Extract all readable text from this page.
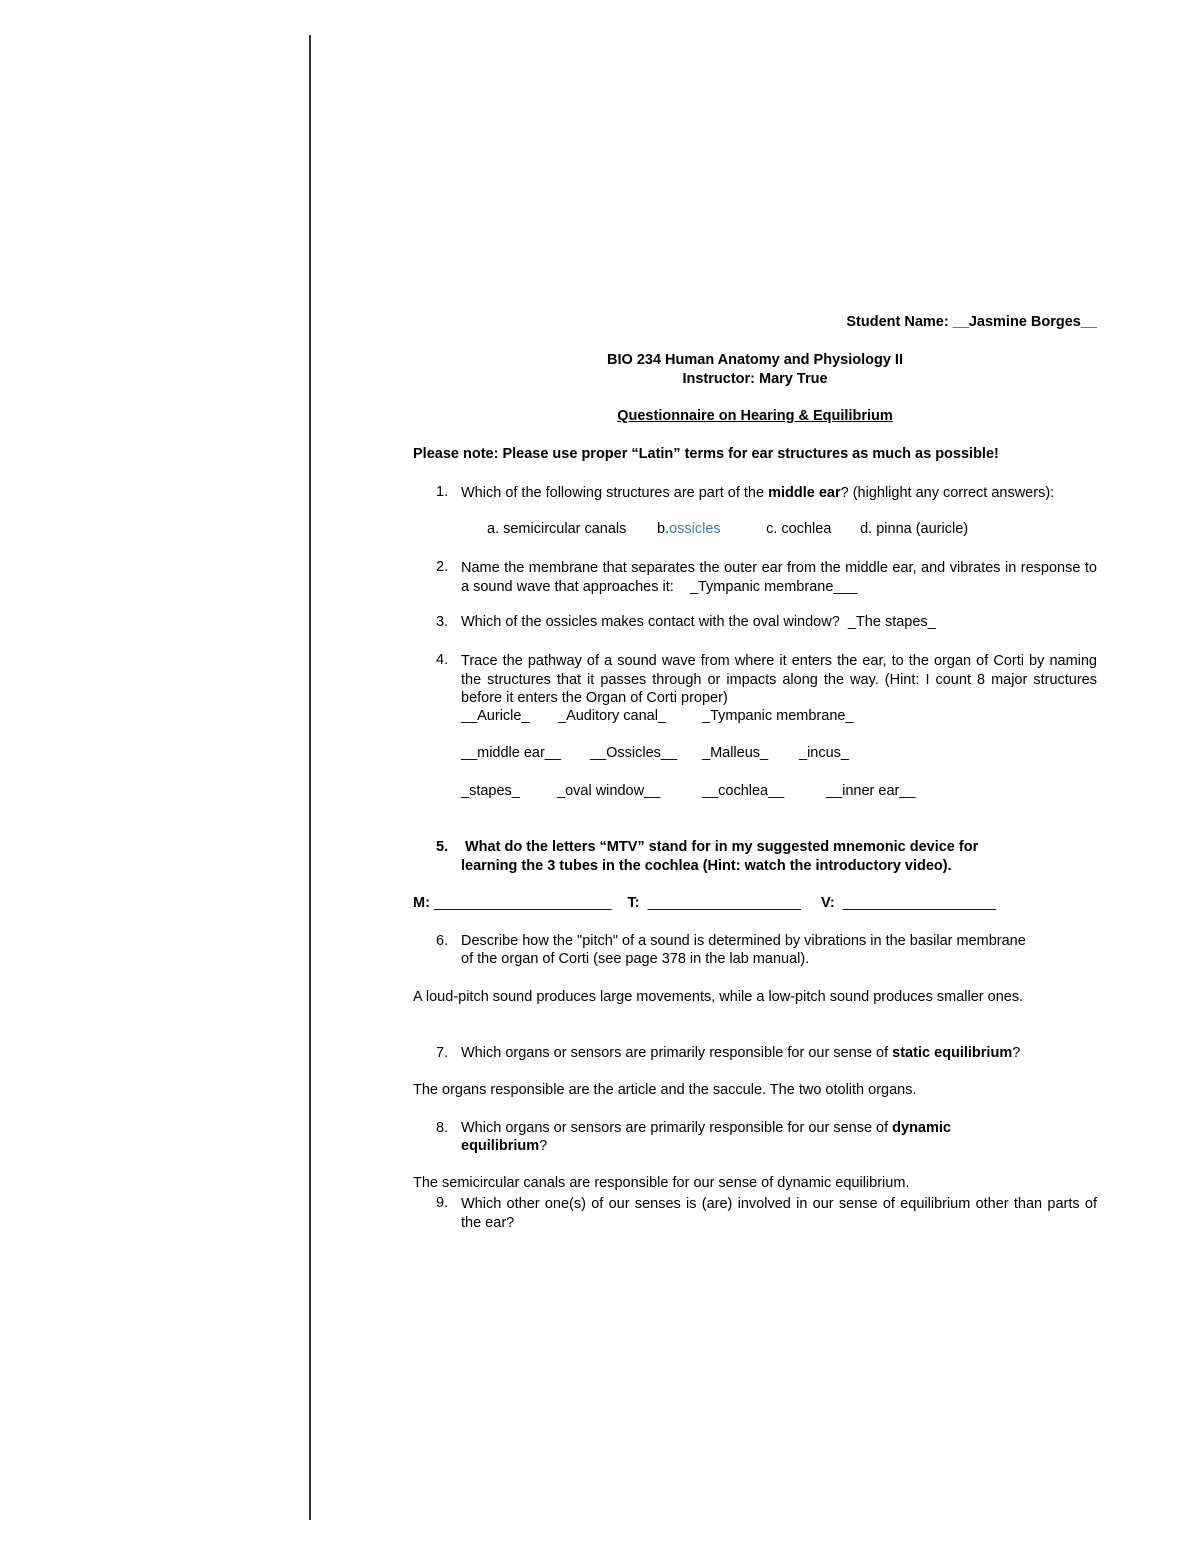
Student Name: __Jasmine Borges__
BIO 234 Human Anatomy and Physiology II
Instructor: Mary True
Questionnaire on Hearing & Equilibrium
Please note: Please use proper “Latin” terms for ear structures as much as possible!
1. Which of the following structures are part of the middle ear? (highlight any correct answers):
a. semicircular canals b.ossicles	c. cochlea d. pinna (auricle)
2. Name the membrane that separates the outer ear from the middle ear, and vibrates in response to a sound wave that approaches it: _Tympanic membrane___
3. Which of the ossicles makes contact with the oval window? _The stapes_
4. Trace the pathway of a sound wave from where it enters the ear, to the organ of Corti by naming the structures that it passes through or impacts along the way. (Hint: I count 8 major structures before it enters the Organ of Corti proper)
__Auricle_ _Auditory canal_ _Tympanic membrane_
__middle ear__ __Ossicles__ _Malleus_ _incus_
_stapes_	_oval window__	__cochlea__	__inner ear__
5. What do the letters “MTV” stand for in my suggested mnemonic device for
learning the 3 tubes in the cochlea (Hint: watch the introductory video).
M: ______________________ T: ___________________ V: ___________________
6. Describe how the "pitch" of a sound is determined by vibrations in the basilar membrane
of the organ of Corti (see page 378 in the lab manual).
A loud-pitch sound produces large movements, while a low-pitch sound produces smaller ones.
7. Which organs or sensors are primarily responsible for our sense of static equilibrium?
The organs responsible are the article and the saccule. The two otolith organs.
8. Which organs or sensors are primarily responsible for our sense of dynamic
equilibrium?
The semicircular canals are responsible for our sense of dynamic equilibrium.
9. Which other one(s) of our senses is (are) involved in our sense of equilibrium other than parts of the ear?
